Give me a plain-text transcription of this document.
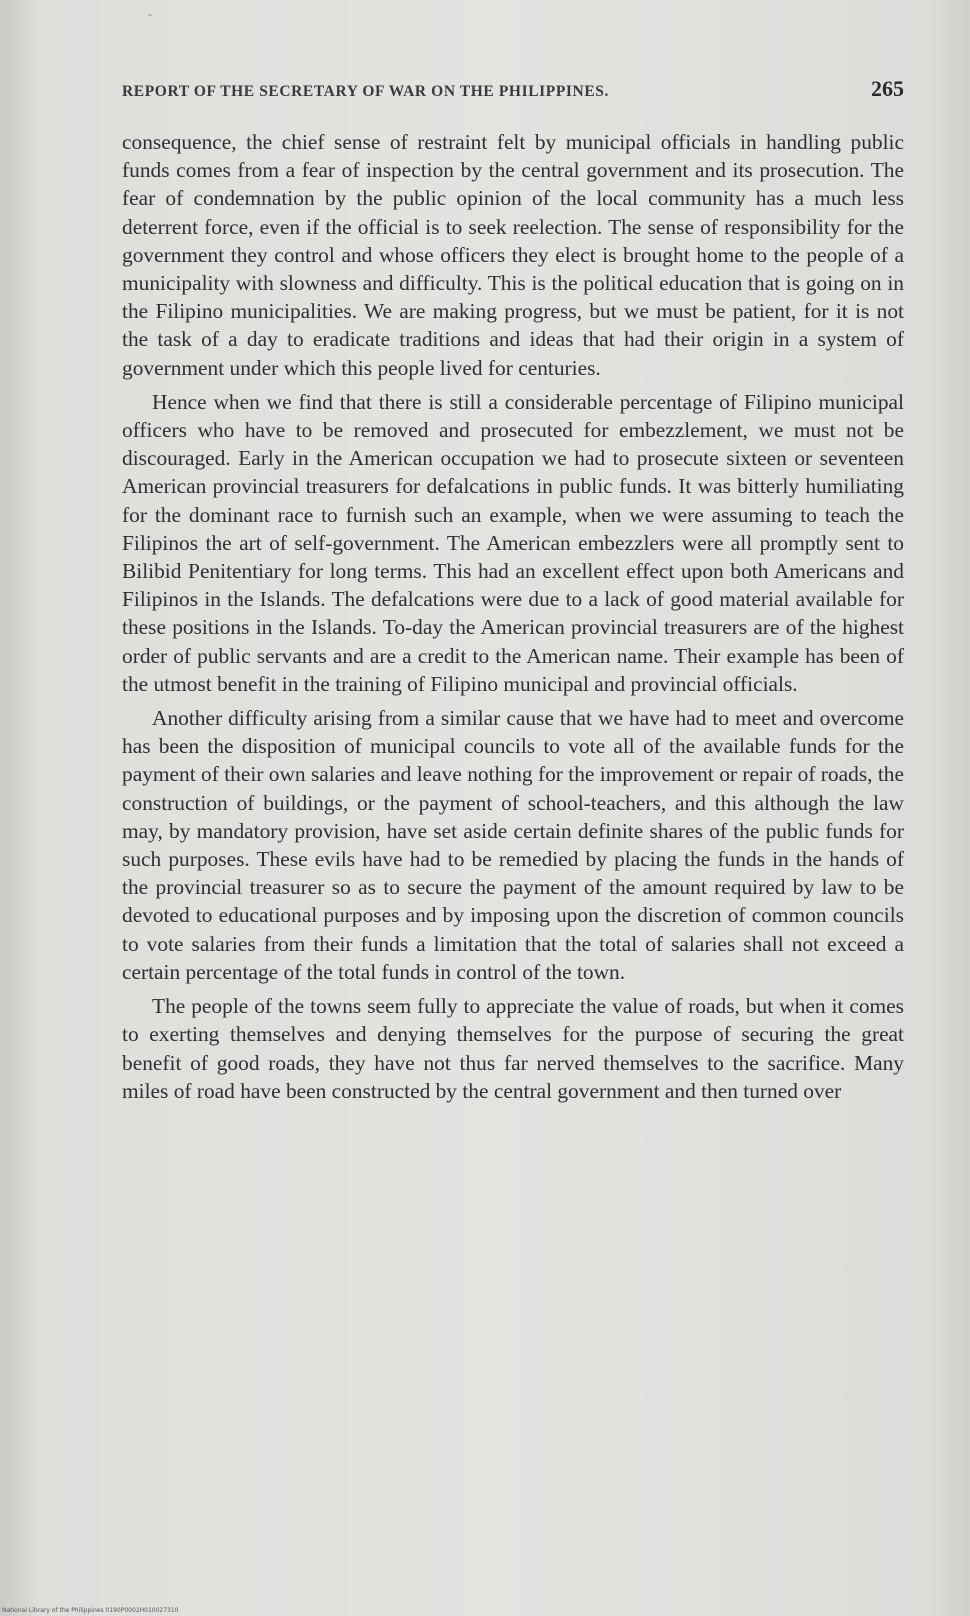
REPORT OF THE SECRETARY OF WAR ON THE PHILIPPINES.	265

consequence, the chief sense of restraint felt by municipal officials in handling public funds comes from a fear of inspection by the central government and its prosecution. The fear of condemnation by the public opinion of the local community has a much less deterrent force, even if the official is to seek reelection. The sense of responsibility for the government they control and whose officers they elect is brought home to the people of a municipality with slowness and difficulty. This is the political education that is going on in the Filipino municipalities. We are making progress, but we must be patient, for it is not the task of a day to eradicate traditions and ideas that had their origin in a system of government under which this people lived for centuries.

Hence when we find that there is still a considerable percentage of Filipino municipal officers who have to be removed and prosecuted for embezzlement, we must not be discouraged. Early in the American occupation we had to prosecute sixteen or seventeen American provincial treasurers for defalcations in public funds. It was bitterly humiliating for the dominant race to furnish such an example, when we were assuming to teach the Filipinos the art of self-government. The American embezzlers were all promptly sent to Bilibid Penitentiary for long terms. This had an excellent effect upon both Americans and Filipinos in the Islands. The defalcations were due to a lack of good material available for these positions in the Islands. To-day the American provincial treasurers are of the highest order of public servants and are a credit to the American name. Their example has been of the utmost benefit in the training of Filipino municipal and provincial officials.

Another difficulty arising from a similar cause that we have had to meet and overcome has been the disposition of municipal councils to vote all of the available funds for the payment of their own salaries and leave nothing for the improvement or repair of roads, the construction of buildings, or the payment of school-teachers, and this although the law may, by mandatory provision, have set aside certain definite shares of the public funds for such purposes. These evils have had to be remedied by placing the funds in the hands of the provincial treasurer so as to secure the payment of the amount required by law to be devoted to educational purposes and by imposing upon the discretion of common councils to vote salaries from their funds a limitation that the total of salaries shall not exceed a certain percentage of the total funds in control of the town.

The people of the towns seem fully to appreciate the value of roads, but when it comes to exerting themselves and denying themselves for the purpose of securing the great benefit of good roads, they have not thus far nerved themselves to the sacrifice. Many miles of road have been constructed by the central government and then turned over

National Library of the Philippines 0190P0002H010027310
